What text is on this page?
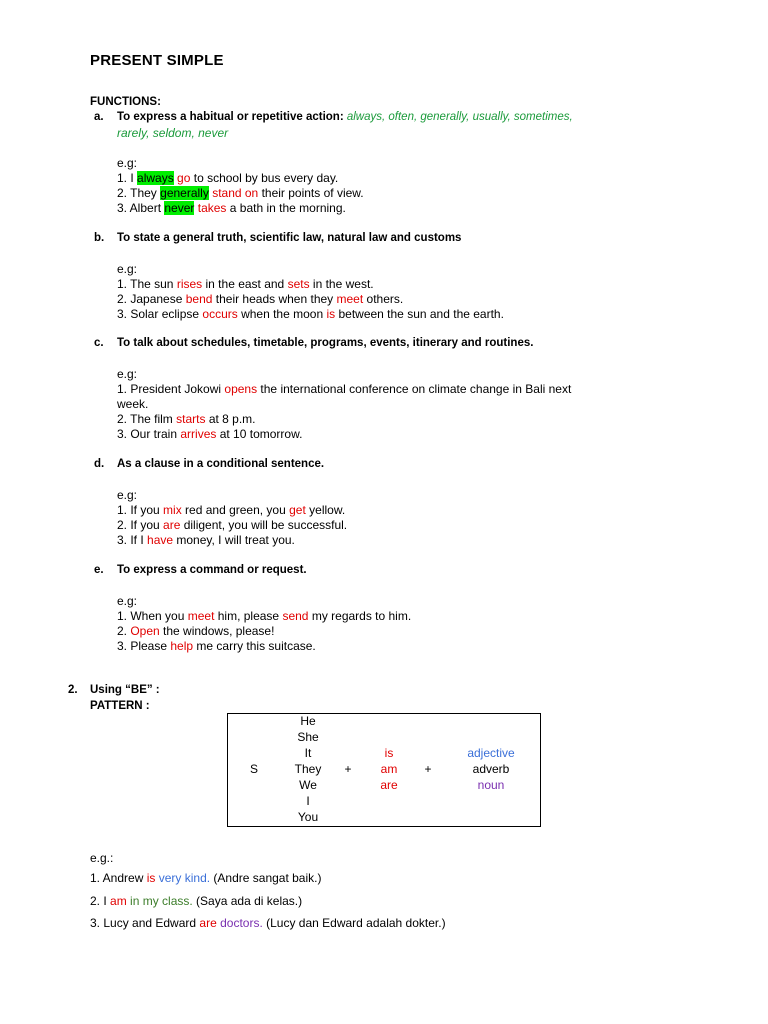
PRESENT SIMPLE
FUNCTIONS:
a. To express a habitual or repetitive action: always, often, generally, usually, sometimes,
rarely, seldom, never
e.g:
1. I always go to school by bus every day.
2. They generally stand on their points of view.
3. Albert never takes a bath in the morning.
b. To state a general truth, scientific law, natural law and customs
e.g:
1. The sun rises in the east and sets in the west.
2. Japanese bend their heads when they meet others.
3. Solar eclipse occurs when the moon is between the sun and the earth.
c. To talk about schedules, timetable, programs, events, itinerary and routines.
e.g:
1. President Jokowi opens the international conference on climate change in Bali next
week.
2. The film starts at 8 p.m.
3. Our train arrives at 10 tomorrow.
d. As a clause in a conditional sentence.
e.g:
1. If you mix red and green, you get yellow.
2. If you are diligent, you will be successful.
3. If I have money, I will treat you.
e. To express a command or request.
e.g:
1. When you meet him, please send my regards to him.
2. Open the windows, please!
3. Please help me carry this suitcase.
2. Using “BE” :
PATTERN :
S
He
She
It
They
We
I
You
+
is
am
are
+
adjective
adverb
noun
e.g.:
1. Andrew is very kind. (Andre sangat baik.)
2. I am in my class. (Saya ada di kelas.)
3. Lucy and Edward are doctors. (Lucy dan Edward adalah dokter.)
